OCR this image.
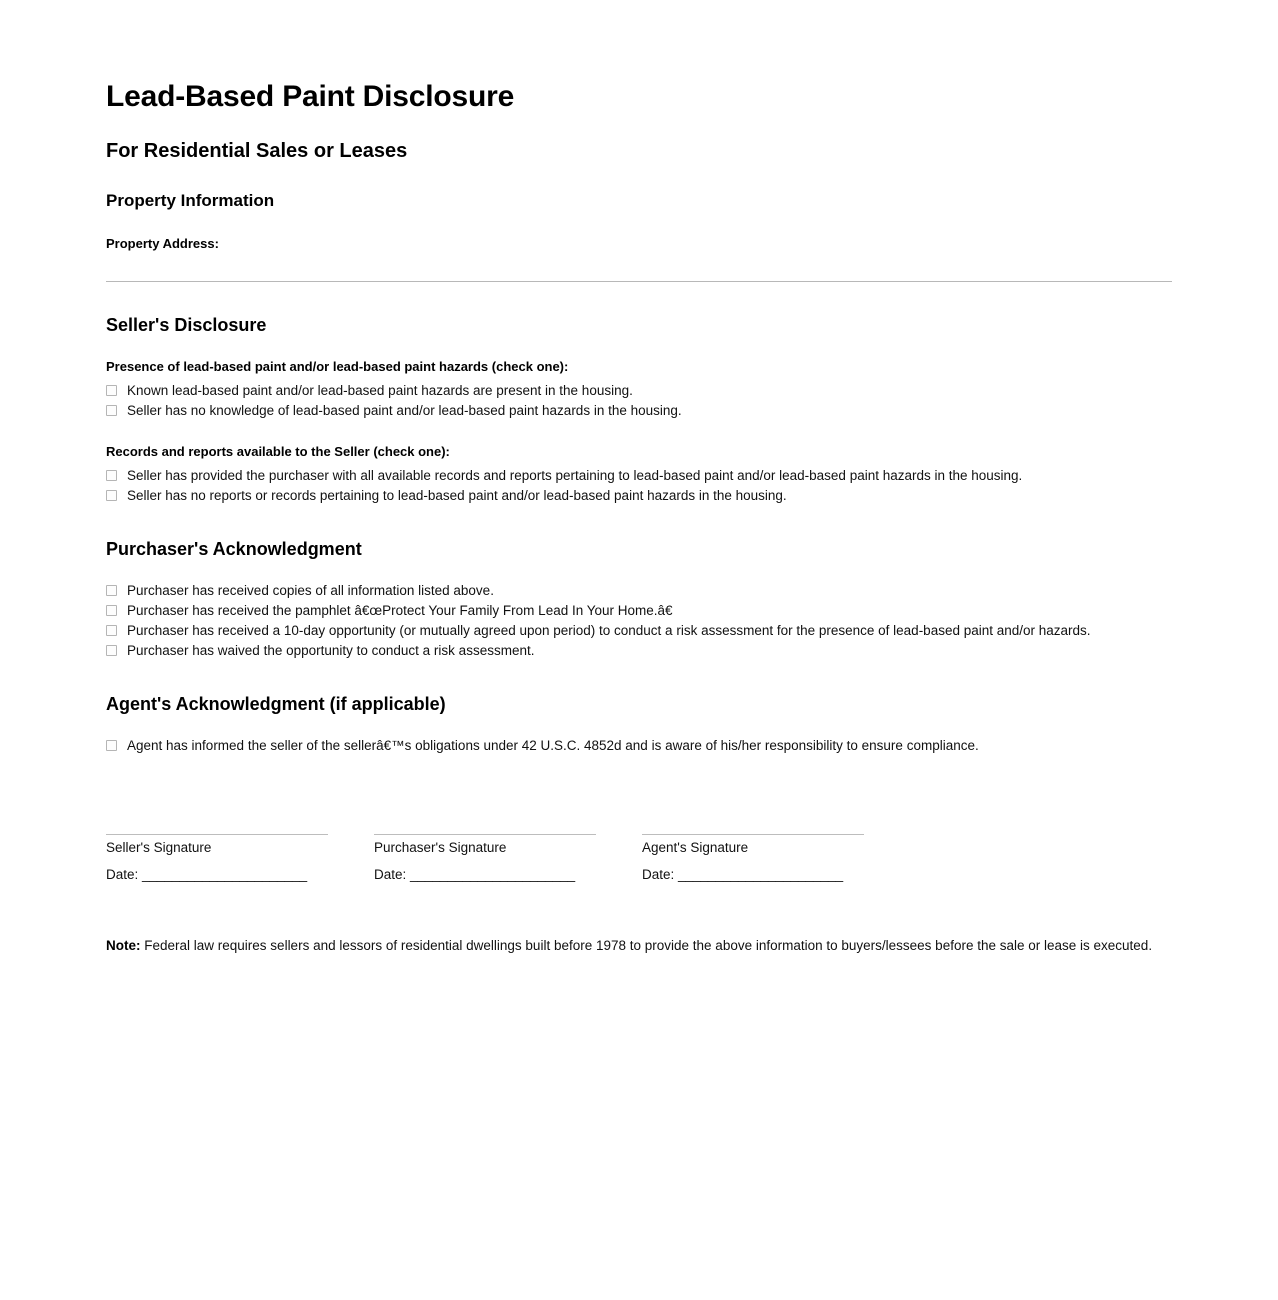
Lead-Based Paint Disclosure
For Residential Sales or Leases
Property Information
Property Address:
Seller's Disclosure
Presence of lead-based paint and/or lead-based paint hazards (check one):
Known lead-based paint and/or lead-based paint hazards are present in the housing.
Seller has no knowledge of lead-based paint and/or lead-based paint hazards in the housing.
Records and reports available to the Seller (check one):
Seller has provided the purchaser with all available records and reports pertaining to lead-based paint and/or lead-based paint hazards in the housing.
Seller has no reports or records pertaining to lead-based paint and/or lead-based paint hazards in the housing.
Purchaser's Acknowledgment
Purchaser has received copies of all information listed above.
Purchaser has received the pamphlet â€œProtect Your Family From Lead In Your Home.â€
Purchaser has received a 10-day opportunity (or mutually agreed upon period) to conduct a risk assessment for the presence of lead-based paint and/or hazards.
Purchaser has waived the opportunity to conduct a risk assessment.
Agent's Acknowledgment (if applicable)
Agent has informed the seller of the sellerâ€™s obligations under 42 U.S.C. 4852d and is aware of his/her responsibility to ensure compliance.
Seller's Signature
Date: ______________________
Purchaser's Signature
Date: ______________________
Agent's Signature
Date: ______________________

Note: Federal law requires sellers and lessors of residential dwellings built before 1978 to provide the above information to buyers/lessees before the sale or lease is executed.
